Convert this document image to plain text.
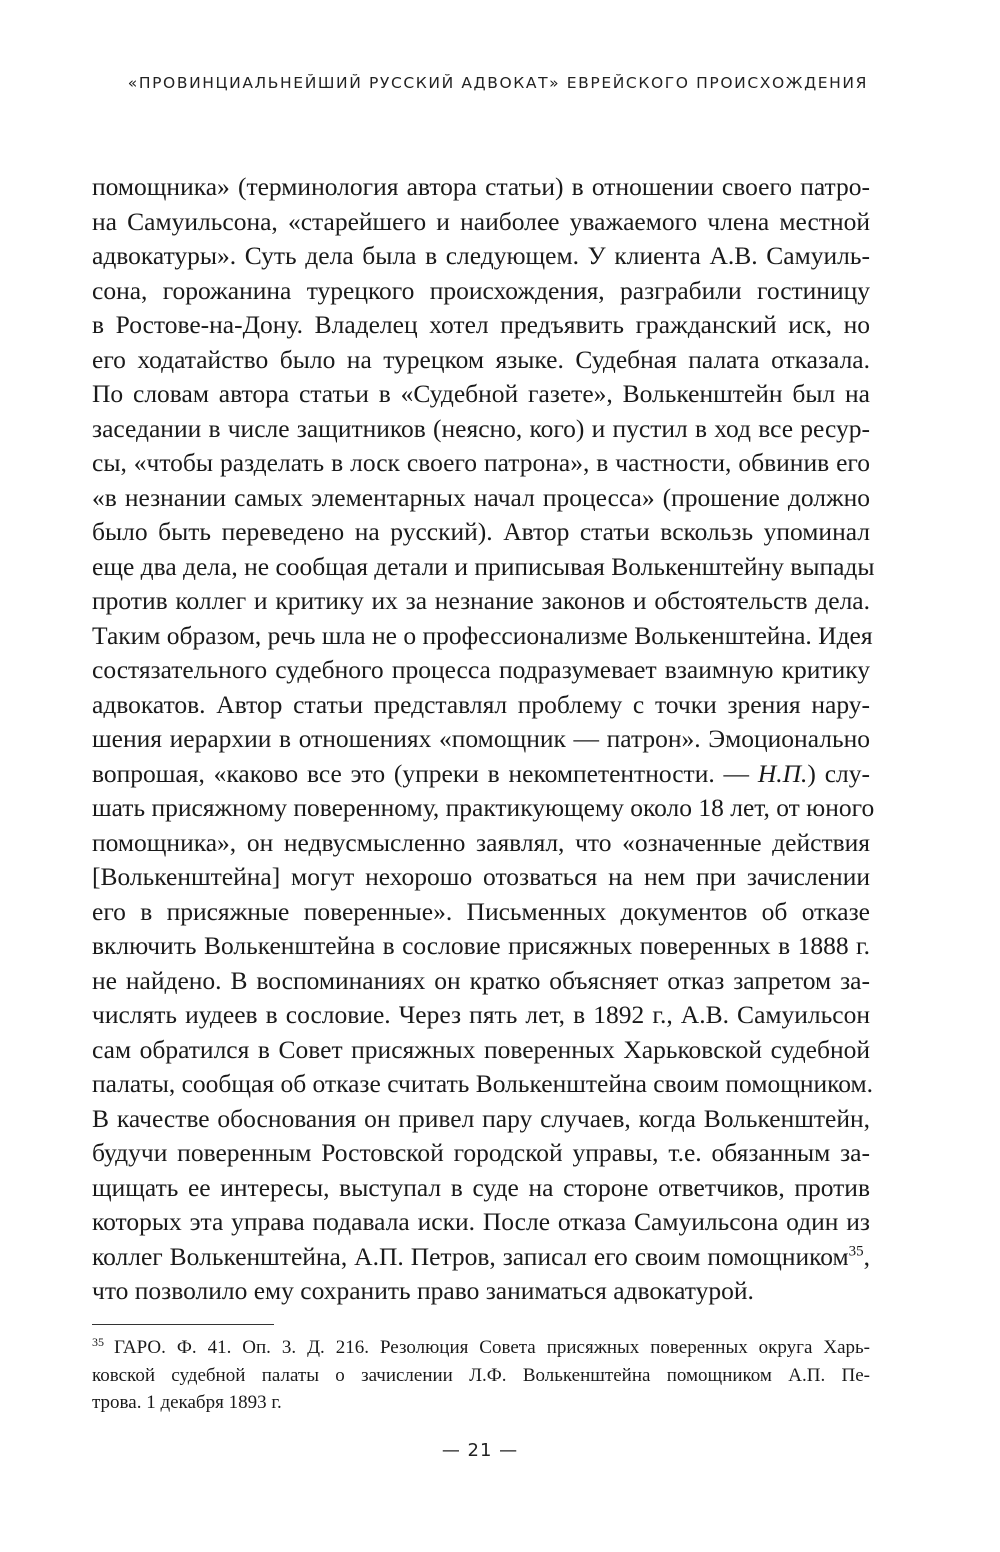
«ПРОВИНЦИАЛЬНЕЙШИЙ РУССКИЙ АДВОКАТ» ЕВРЕЙСКОГО ПРОИСХОЖДЕНИЯ
помощника» (терминология автора статьи) в отношении своего патро-
на Самуильсона, «старейшего и наиболее уважаемого члена местной
адвокатуры». Суть дела была в следующем. У клиента А.В. Самуиль-
сона, горожанина турецкого происхождения, разграбили гостиницу
в Ростове-на-Дону. Владелец хотел предъявить гражданский иск, но
его ходатайство было на турецком языке. Судебная палата отказала.
По словам автора статьи в «Судебной газете», Волькенштейн был на
заседании в числе защитников (неясно, кого) и пустил в ход все ресур-
сы, «чтобы разделать в лоск своего патрона», в частности, обвинив его
«в незнании самых элементарных начал процесса» (прошение должно
было быть переведено на русский). Автор статьи вскользь упоминал
еще два дела, не сообщая детали и приписывая Волькенштейну выпады
против коллег и критику их за незнание законов и обстоятельств дела.
Таким образом, речь шла не о профессионализме Волькенштейна. Идея
состязательного судебного процесса подразумевает взаимную критику
адвокатов. Автор статьи представлял проблему с точки зрения нару-
шения иерархии в отношениях «помощник — патрон». Эмоционально
вопрошая, «каково все это (упреки в некомпетентности. — Н.П.) слу-
шать присяжному поверенному, практикующему около 18 лет, от юного
помощника», он недвусмысленно заявлял, что «означенные действия
[Волькенштейна] могут нехорошо отозваться на нем при зачислении
его в присяжные поверенные». Письменных документов об отказе
включить Волькенштейна в сословие присяжных поверенных в 1888 г.
не найдено. В воспоминаниях он кратко объясняет отказ запретом за-
числять иудеев в сословие. Через пять лет, в 1892 г., А.В. Самуильсон
сам обратился в Совет присяжных поверенных Харьковской судебной
палаты, сообщая об отказе считать Волькенштейна своим помощником.
В качестве обоснования он привел пару случаев, когда Волькенштейн,
будучи поверенным Ростовской городской управы, т.е. обязанным за-
щищать ее интересы, выступал в суде на стороне ответчиков, против
которых эта управа подавала иски. После отказа Самуильсона один из
коллег Волькенштейна, А.П. Петров, записал его своим помощником$^{35}$,
что позволило ему сохранить право заниматься адвокатурой.
$^{35}$ ГАРО. Ф. 41. Оп. 3. Д. 216. Резолюция Совета присяжных поверенных округа Харь-
ковской судебной палаты о зачислении Л.Ф. Волькенштейна помощником А.П. Пе-
трова. 1 декабря 1893 г.
— 21 —
